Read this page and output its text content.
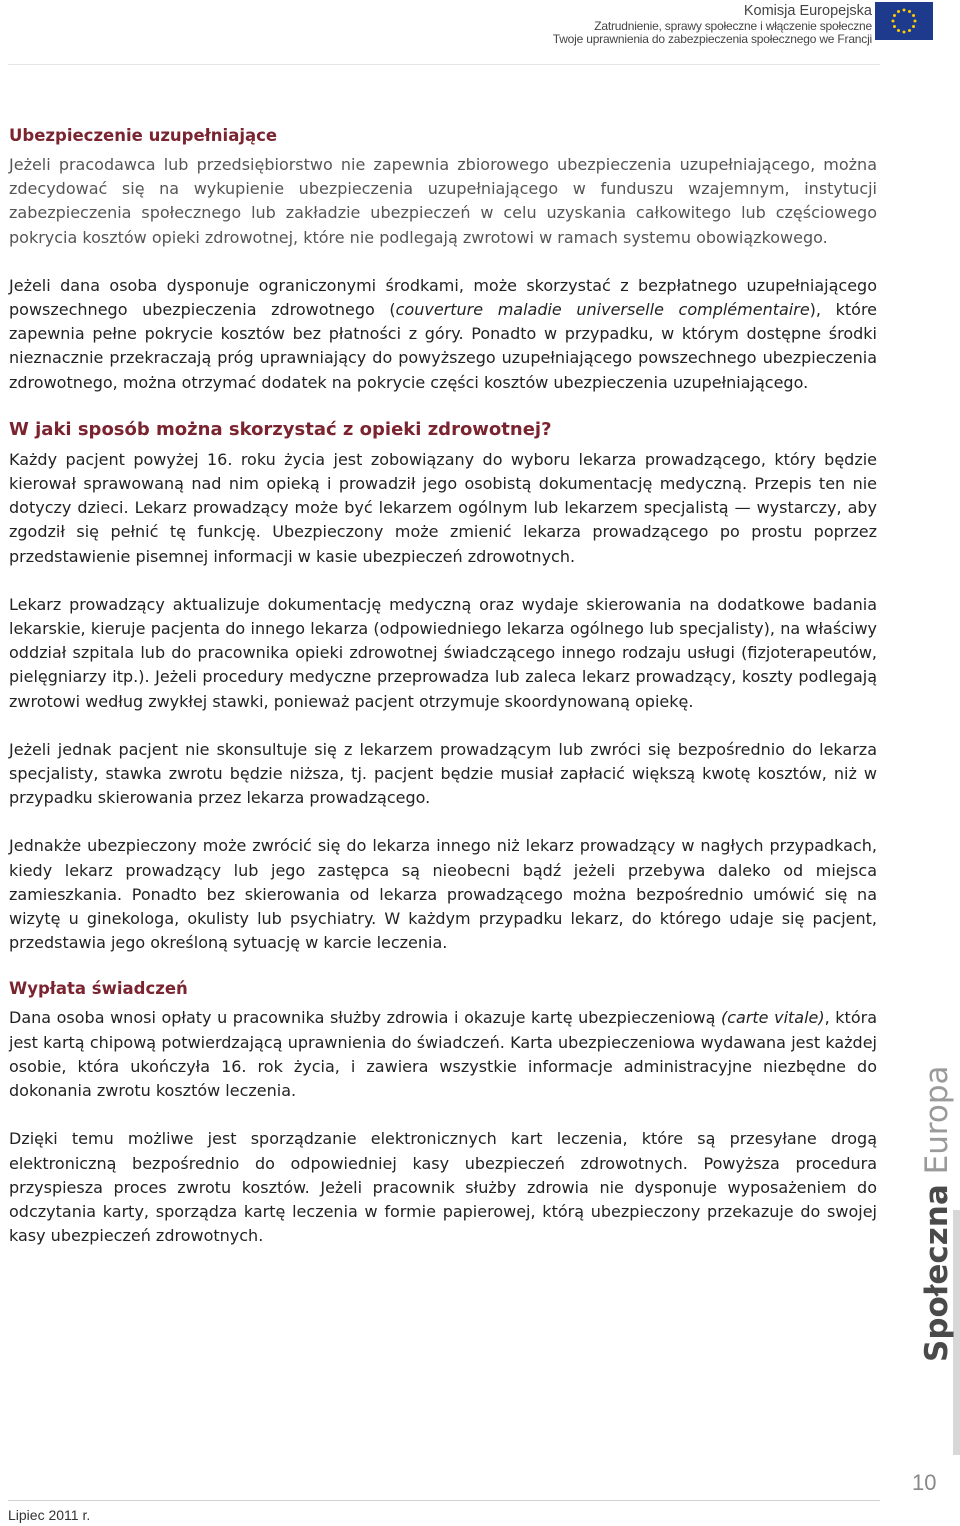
Komisja Europejska
Zatrudnienie, sprawy społeczne i włączenie społeczne
Twoje uprawnienia do zabezpieczenia społecznego we Francji
Ubezpieczenie uzupełniające

Jeżeli pracodawca lub przedsiębiorstwo nie zapewnia zbiorowego ubezpieczenia uzupełniającego, można zdecydować się na wykupienie ubezpieczenia uzupełniającego w funduszu wzajemnym, instytucji zabezpieczenia społecznego lub zakładzie ubezpieczeń w celu uzyskania całkowitego lub częściowego pokrycia kosztów opieki zdrowotnej, które nie podlegają zwrotowi w ramach systemu obowiązkowego.

Jeżeli dana osoba dysponuje ograniczonymi środkami, może skorzystać z bezpłatnego uzupełniającego powszechnego ubezpieczenia zdrowotnego (couverture maladie universelle complémentaire), które zapewnia pełne pokrycie kosztów bez płatności z góry. Ponadto w przypadku, w którym dostępne środki nieznacznie przekraczają próg uprawniający do powyższego uzupełniającego powszechnego ubezpieczenia zdrowotnego, można otrzymać dodatek na pokrycie części kosztów ubezpieczenia uzupełniającego.

W jaki sposób można skorzystać z opieki zdrowotnej?

Każdy pacjent powyżej 16. roku życia jest zobowiązany do wyboru lekarza prowadzącego, który będzie kierował sprawowaną nad nim opieką i prowadził jego osobistą dokumentację medyczną. Przepis ten nie dotyczy dzieci. Lekarz prowadzący może być lekarzem ogólnym lub lekarzem specjalistą — wystarczy, aby zgodził się pełnić tę funkcję. Ubezpieczony może zmienić lekarza prowadzącego po prostu poprzez przedstawienie pisemnej informacji w kasie ubezpieczeń zdrowotnych.

Lekarz prowadzący aktualizuje dokumentację medyczną oraz wydaje skierowania na dodatkowe badania lekarskie, kieruje pacjenta do innego lekarza (odpowiedniego lekarza ogólnego lub specjalisty), na właściwy oddział szpitala lub do pracownika opieki zdrowotnej świadczącego innego rodzaju usługi (fizjoterapeutów, pielęgniarzy itp.). Jeżeli procedury medyczne przeprowadza lub zaleca lekarz prowadzący, koszty podlegają zwrotowi według zwykłej stawki, ponieważ pacjent otrzymuje skoordynowaną opiekę.

Jeżeli jednak pacjent nie skonsultuje się z lekarzem prowadzącym lub zwróci się bezpośrednio do lekarza specjalisty, stawka zwrotu będzie niższa, tj. pacjent będzie musiał zapłacić większą kwotę kosztów, niż w przypadku skierowania przez lekarza prowadzącego.

Jednakże ubezpieczony może zwrócić się do lekarza innego niż lekarz prowadzący w nagłych przypadkach, kiedy lekarz prowadzący lub jego zastępca są nieobecni bądź jeżeli przebywa daleko od miejsca zamieszkania. Ponadto bez skierowania od lekarza prowadzącego można bezpośrednio umówić się na wizytę u ginekologa, okulisty lub psychiatry. W każdym przypadku lekarz, do którego udaje się pacjent, przedstawia jego określoną sytuację w karcie leczenia.

Wypłata świadczeń

Dana osoba wnosi opłaty u pracownika służby zdrowia i okazuje kartę ubezpieczeniową (carte vitale), która jest kartą chipową potwierdzającą uprawnienia do świadczeń. Karta ubezpieczeniowa wydawana jest każdej osobie, która ukończyła 16. rok życia, i zawiera wszystkie informacje administracyjne niezbędne do dokonania zwrotu kosztów leczenia.

Dzięki temu możliwe jest sporządzanie elektronicznych kart leczenia, które są przesyłane drogą elektroniczną bezpośrednio do odpowiedniej kasy ubezpieczeń zdrowotnych. Powyższa procedura przyspiesza proces zwrotu kosztów. Jeżeli pracownik służby zdrowia nie dysponuje wyposażeniem do odczytania karty, sporządza kartę leczenia w formie papierowej, którą ubezpieczony przekazuje do swojej kasy ubezpieczeń zdrowotnych.	Społeczna Europa
10
Lipiec 2011 r.
